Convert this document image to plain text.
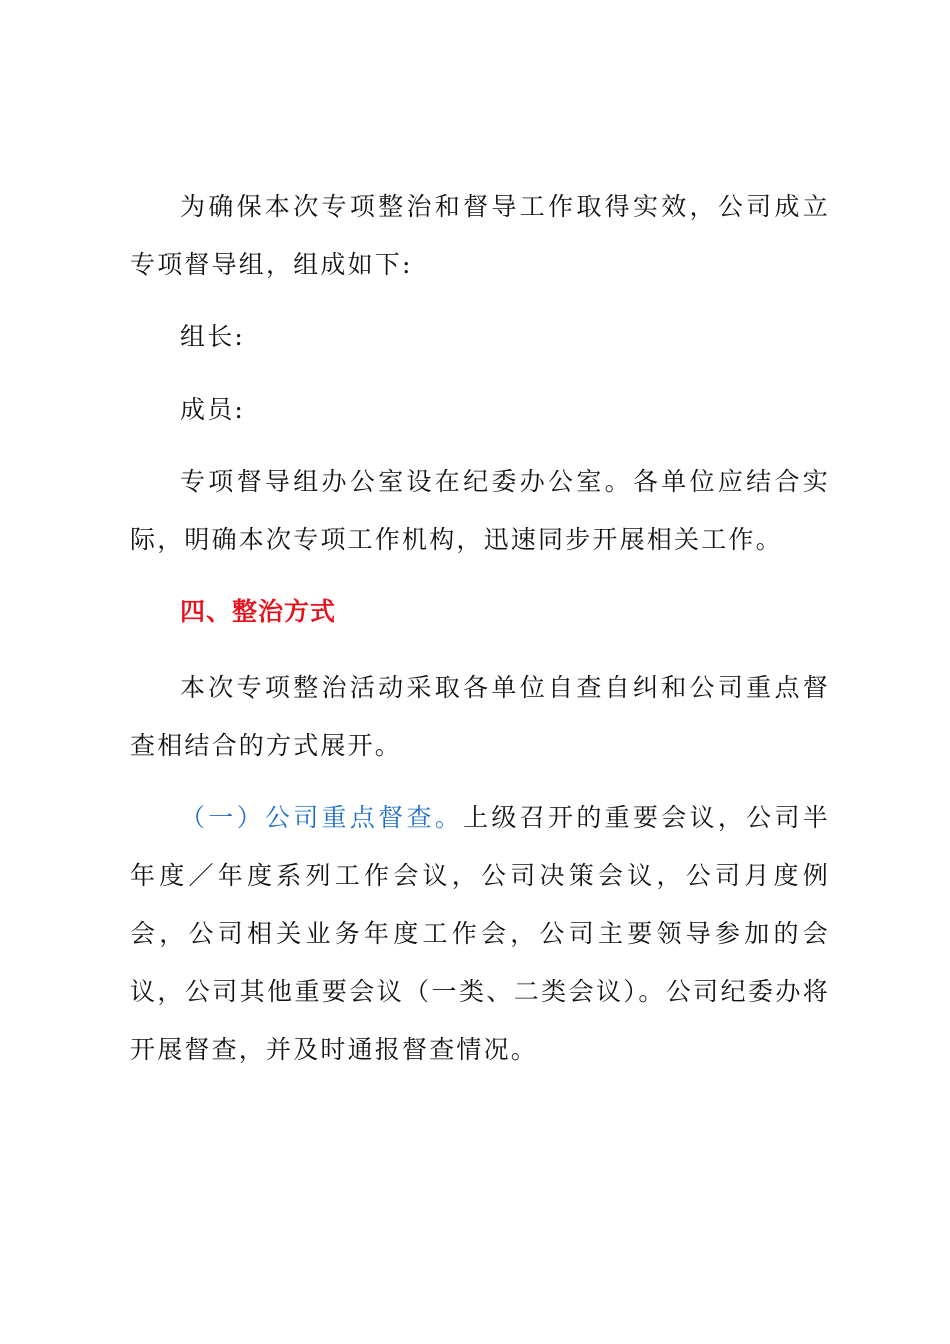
为确保本次专项整治和督导工作取得实效，公司成立专项督导组，组成如下:

组长:

成员:

专项督导组办公室设在纪委办公室。各单位应结合实际，明确本次专项工作机构，迅速同步开展相关工作。

四、整治方式

本次专项整治活动采取各单位自查自纠和公司重点督查相结合的方式展开。

（一）公司重点督查。上级召开的重要会议，公司半年度／年度系列工作会议，公司决策会议，公司月度例会，公司相关业务年度工作会，公司主要领导参加的会议，公司其他重要会议（一类、二类会议）。公司纪委办将开展督查，并及时通报督查情况。
